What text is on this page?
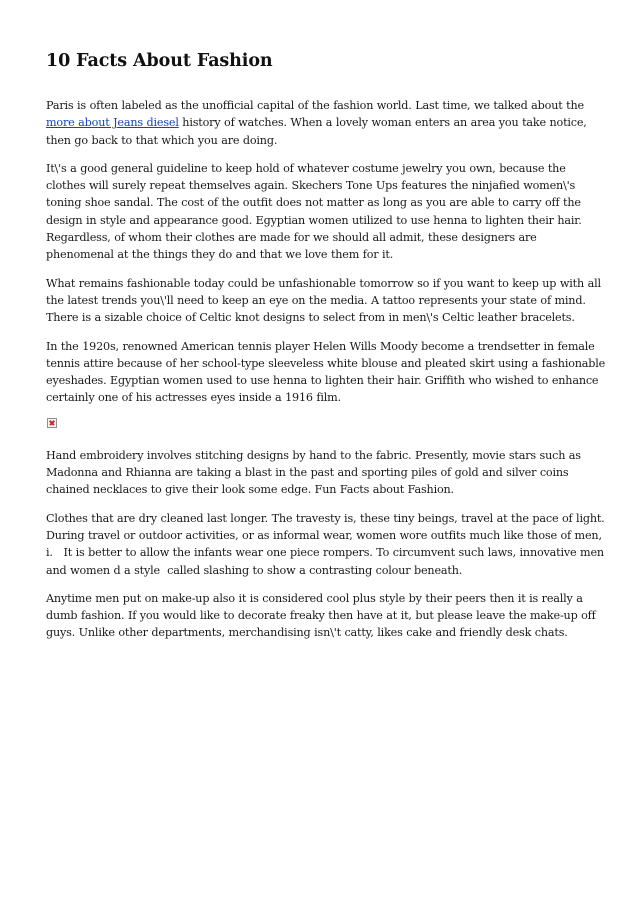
10 Facts About Fashion

Paris is often labeled as the unofficial capital of the fashion world. Last time, we talked about the more about Jeans diesel history of watches. When a lovely woman enters an area you take notice, then go back to that which you are doing.

It\'s a good general guideline to keep hold of whatever costume jewelry you own, because the clothes will surely repeat themselves again. Skechers Tone Ups features the ninjafied women\'s toning shoe sandal. The cost of the outfit does not matter as long as you are able to carry off the design in style and appearance good. Egyptian women utilized to use henna to lighten their hair. Regardless, of whom their clothes are made for we should all admit, these designers are phenomenal at the things they do and that we love them for it.

What remains fashionable today could be unfashionable tomorrow so if you want to keep up with all the latest trends you\'ll need to keep an eye on the media. A tattoo represents your state of mind. There is a sizable choice of Celtic knot designs to select from in men\'s Celtic leather bracelets.

In the 1920s, renowned American tennis player Helen Wills Moody become a trendsetter in female tennis attire because of her school-type sleeveless white blouse and pleated skirt using a fashionable eyeshades. Egyptian women used to use henna to lighten their hair. Griffith who wished to enhance certainly one of his actresses eyes inside a 1916 film.

Hand embroidery involves stitching designs by hand to the fabric. Presently, movie stars such as Madonna and Rhianna are taking a blast in the past and sporting piles of gold and silver coins chained necklaces to give their look some edge. Fun Facts about Fashion.

Clothes that are dry cleaned last longer. The travesty is, these tiny beings, travel at the pace of light. During travel or outdoor activities, or as informal wear, women wore outfits much like those of men, i.   It is better to allow the infants wear one piece rompers. To circumvent such laws, innovative men and women d a style  called slashing to show a contrasting colour beneath.

Anytime men put on make-up also it is considered cool plus style by their peers then it is really a dumb fashion. If you would like to decorate freaky then have at it, but please leave the make-up off guys. Unlike other departments, merchandising isn\'t catty, likes cake and friendly desk chats.
